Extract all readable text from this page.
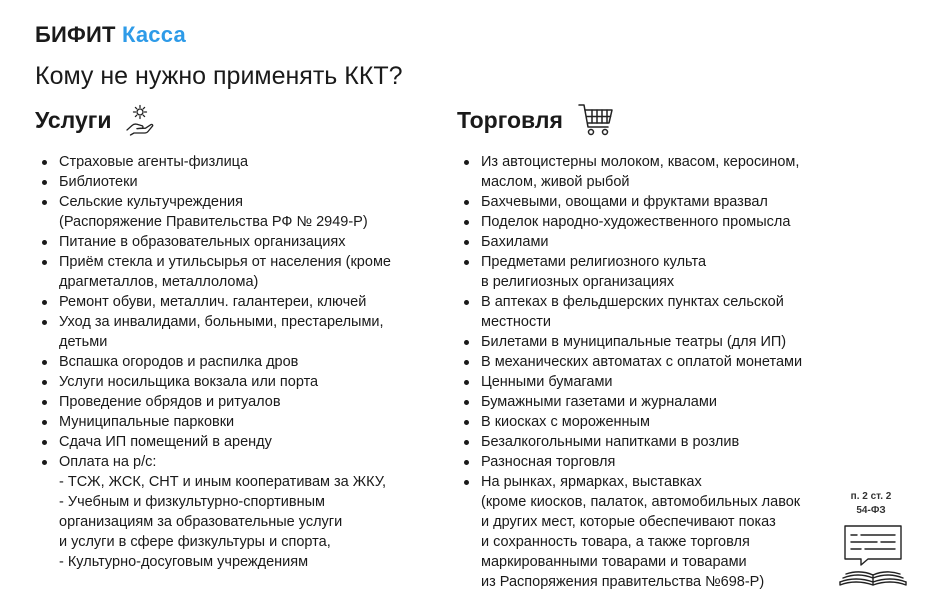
БИФИТ Касса
Кому не нужно применять ККТ?
Услуги
Страховые агенты-физлица
Библиотеки
Сельские культучреждения
(Распоряжение Правительства РФ № 2949-Р)
Питание в образовательных организациях
Приём стекла и утильсырья от населения (кроме
драгметаллов, металлолома)
Ремонт обуви, металлич. галантереи, ключей
Уход за инвалидами, больными, престарелыми,
детьми
Вспашка огородов и распилка дров
Услуги носильщика вокзала или порта
Проведение обрядов и ритуалов
Муниципальные парковки
Сдача ИП помещений в аренду
Оплата на р/с:
- ТСЖ, ЖСК, СНТ и иным кооперативам за ЖКУ,
- Учебным и физкультурно-спортивным
организациям за образовательные услуги
и услуги в сфере физкультуры и спорта,
- Культурно-досуговым учреждениям
Торговля
Из автоцистерны молоком, квасом, керосином,
маслом, живой рыбой
Бахчевыми, овощами и фруктами вразвал
Поделок народно-художественного промысла
Бахилами
Предметами религиозного культа
в религиозных организациях
В аптеках в фельдшерских пунктах сельской
местности
Билетами в муниципальные театры (для ИП)
В механических автоматах с оплатой монетами
Ценными бумагами
Бумажными газетами и журналами
В киосках с мороженным
Безалкогольными напитками в розлив
Разносная торговля
На рынках, ярмарках, выставках
(кроме киосков, палаток, автомобильных лавок
и других мест, которые обеспечивают показ
и сохранность товара, а также торговля
маркированными товарами и товарами
из Распоряжения правительства №698-Р)
п. 2 ст. 2
54-ФЗ
